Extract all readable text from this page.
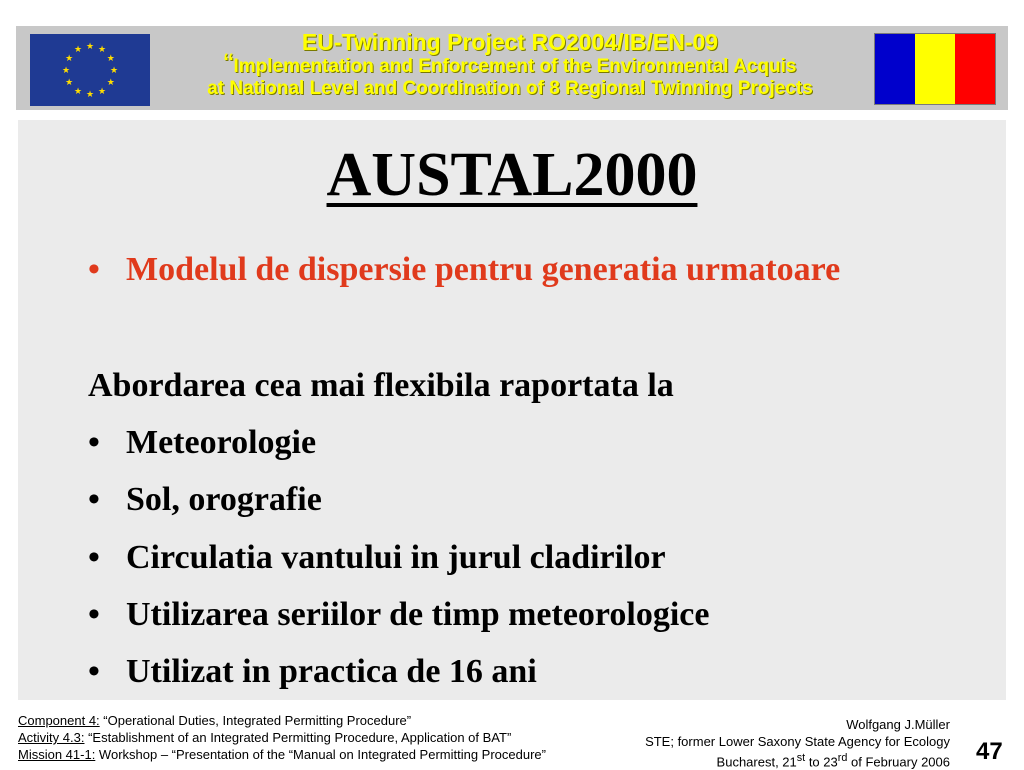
★ ★
★
★
★
★
★
★
★
★
★
★	EU-Twinning Project RO2004/IB/EN-09
“Implementation and Enforcement of the Environmental Acquis
at National Level and Coordination of 8 Regional Twinning Projects
AUSTAL2000
• Modelul de dispersie pentru generatia urmatoare
Abordarea cea mai flexibila raportata la
• Meteorologie
• Sol, orografie
• Circulatia vantului in jurul cladirilor
• Utilizarea seriilor de timp meteorologice
• Utilizat in practica de 16 ani
Component 4: “Operational Duties, Integrated Permitting Procedure”
Activity 4.3: “Establishment of an Integrated Permitting Procedure, Application of BAT”
Mission 41-1: Workshop – “Presentation of the “Manual on Integrated Permitting Procedure”
Wolfgang J.Müller
STE; former Lower Saxony State Agency for Ecology
Bucharest, 21st to 23rd of February 2006 47
